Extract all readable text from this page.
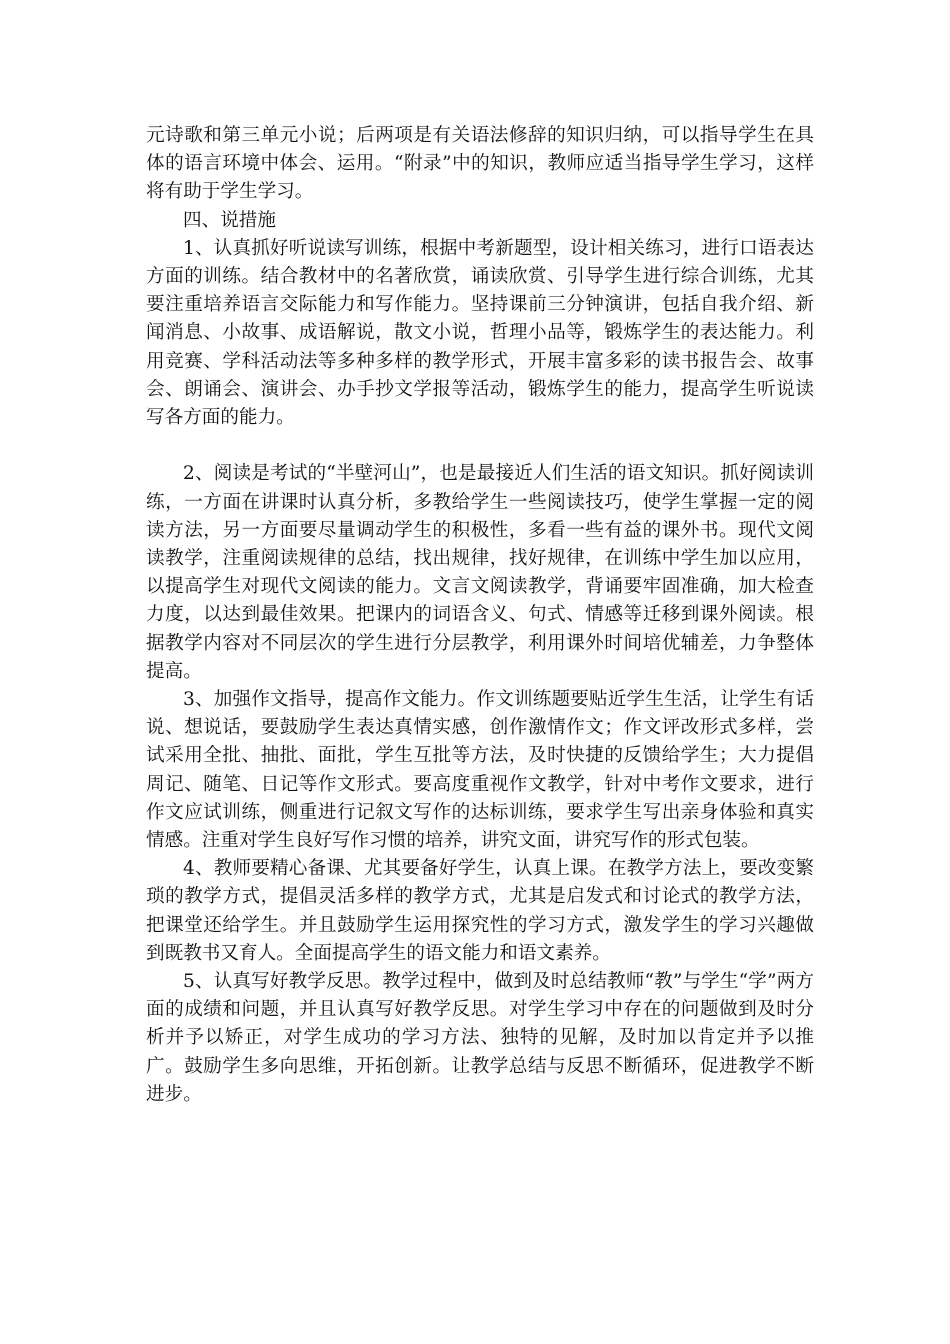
元诗歌和第三单元小说；后两项是有关语法修辞的知识归纳，可以指导学生在具体的语言环境中体会、运用。“附录”中的知识，教师应适当指导学生学习，这样将有助于学生学习。

四、说措施

1、认真抓好听说读写训练，根据中考新题型，设计相关练习，进行口语表达方面的训练。结合教材中的名著欣赏，诵读欣赏、引导学生进行综合训练，尤其要注重培养语言交际能力和写作能力。坚持课前三分钟演讲，包括自我介绍、新闻消息、小故事、成语解说，散文小说，哲理小品等，锻炼学生的表达能力。利用竞赛、学科活动法等多种多样的教学形式，开展丰富多彩的读书报告会、故事会、朗诵会、演讲会、办手抄文学报等活动，锻炼学生的能力，提高学生听说读写各方面的能力。

2、阅读是考试的“半壁河山”，也是最接近人们生活的语文知识。抓好阅读训练，一方面在讲课时认真分析，多教给学生一些阅读技巧，使学生掌握一定的阅读方法，另一方面要尽量调动学生的积极性，多看一些有益的课外书。现代文阅读教学，注重阅读规律的总结，找出规律，找好规律，在训练中学生加以应用，以提高学生对现代文阅读的能力。文言文阅读教学，背诵要牢固准确，加大检查力度，以达到最佳效果。把课内的词语含义、句式、情感等迁移到课外阅读。根据教学内容对不同层次的学生进行分层教学，利用课外时间培优辅差，力争整体提高。

3、加强作文指导，提高作文能力。作文训练题要贴近学生生活，让学生有话说、想说话，要鼓励学生表达真情实感，创作激情作文；作文评改形式多样，尝试采用全批、抽批、面批，学生互批等方法，及时快捷的反馈给学生；大力提倡周记、随笔、日记等作文形式。要高度重视作文教学，针对中考作文要求，进行作文应试训练，侧重进行记叙文写作的达标训练，要求学生写出亲身体验和真实情感。注重对学生良好写作习惯的培养，讲究文面，讲究写作的形式包装。

4、教师要精心备课、尤其要备好学生，认真上课。在教学方法上，要改变繁琐的教学方式，提倡灵活多样的教学方式，尤其是启发式和讨论式的教学方法，把课堂还给学生。并且鼓励学生运用探究性的学习方式，激发学生的学习兴趣做到既教书又育人。全面提高学生的语文能力和语文素养。

5、认真写好教学反思。教学过程中，做到及时总结教师“教”与学生“学”两方面的成绩和问题，并且认真写好教学反思。对学生学习中存在的问题做到及时分析并予以矫正，对学生成功的学习方法、独特的见解，及时加以肯定并予以推广。鼓励学生多向思维，开拓创新。让教学总结与反思不断循环，促进教学不断进步。
